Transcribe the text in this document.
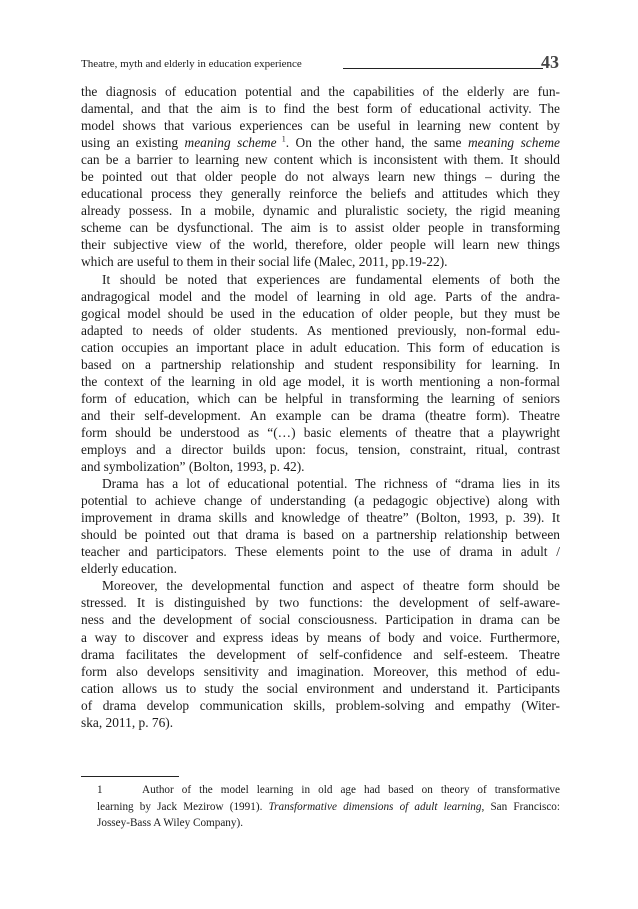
Theatre, myth and elderly in education experience	43

the diagnosis of education potential and the capabilities of the elderly are fun-
damental, and that the aim is to find the best form of educational activity. The
model shows that various experiences can be useful in learning new content by
using an existing meaning scheme $^1$. On the other hand, the same meaning scheme
can be a barrier to learning new content which is inconsistent with them. It should
be pointed out that older people do not always learn new things – during the
educational process they generally reinforce the beliefs and attitudes which they
already possess. In a mobile, dynamic and pluralistic society, the rigid meaning
scheme can be dysfunctional. The aim is to assist older people in transforming
their subjective view of the world, therefore, older people will learn new things
which are useful to them in their social life (Malec, 2011, pp.19-22).

It should be noted that experiences are fundamental elements of both the
andragogical model and the model of learning in old age. Parts of the andra-
gogical model should be used in the education of older people, but they must be
adapted to needs of older students. As mentioned previously, non-formal edu-
cation occupies an important place in adult education. This form of education is
based on a partnership relationship and student responsibility for learning. In
the context of the learning in old age model, it is worth mentioning a non-formal
form of education, which can be helpful in transforming the learning of seniors
and their self-development. An example can be drama (theatre form). Theatre
form should be understood as “(…) basic elements of theatre that a playwright
employs and a director builds upon: focus, tension, constraint, ritual, contrast
and symbolization” (Bolton, 1993, p. 42).

Drama has a lot of educational potential. The richness of “drama lies in its
potential to achieve change of understanding (a pedagogic objective) along with
improvement in drama skills and knowledge of theatre” (Bolton, 1993, p. 39). It
should be pointed out that drama is based on a partnership relationship between
teacher and participators. These elements point to the use of drama in adult /
elderly education.

Moreover, the developmental function and aspect of theatre form should be
stressed. It is distinguished by two functions: the development of self-aware-
ness and the development of social consciousness. Participation in drama can be
a way to discover and express ideas by means of body and voice. Furthermore,
drama facilitates the development of self-confidence and self-esteem. Theatre
form also develops sensitivity and imagination. Moreover, this method of edu-
cation allows us to study the social environment and understand it. Participants
of drama develop communication skills, problem-solving and empathy (Witer-
ska, 2011, p. 76).

1     Author of the model learning in old age had based on theory of transformative
learning by Jack Mezirow (1991). Transformative dimensions of adult learning, San Francisco:
Jossey-Bass A Wiley Company).
